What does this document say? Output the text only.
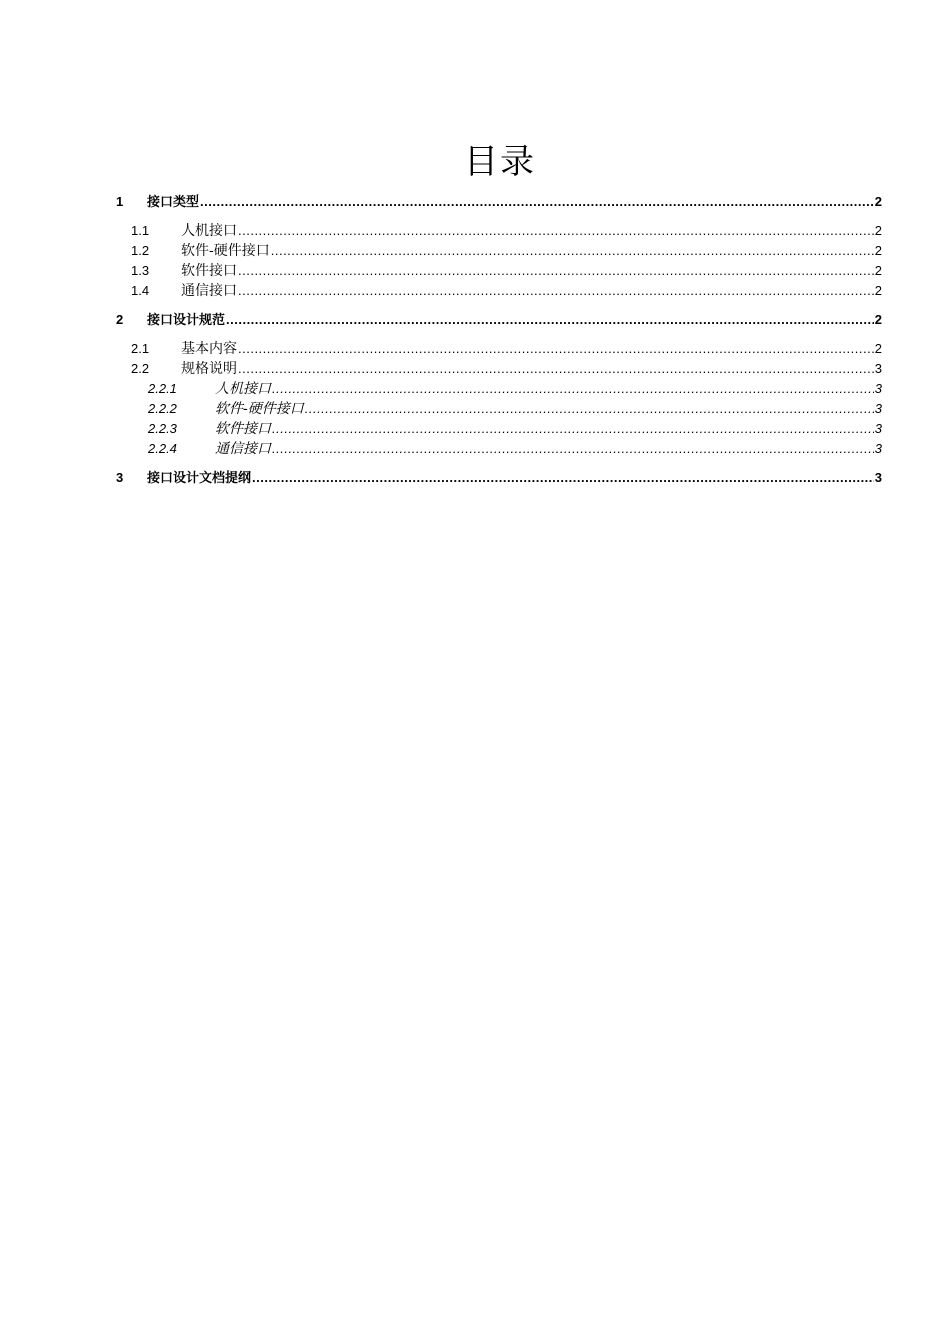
目录
1	接口类型 .....	2
1.1	人机接口 .....	2
1.2	软件-硬件接口 .....	2
1.3	软件接口 .....	2
1.4	通信接口 .....	2
2	接口设计规范 .....	2
2.1	基本内容 .....	2
2.2	规格说明 .....	3
2.2.1	人机接口 .....	3
2.2.2	软件-硬件接口 .....	3
2.2.3	软件接口 .....	3
2.2.4	通信接口 .....	3
3	接口设计文档提纲 .....	3
